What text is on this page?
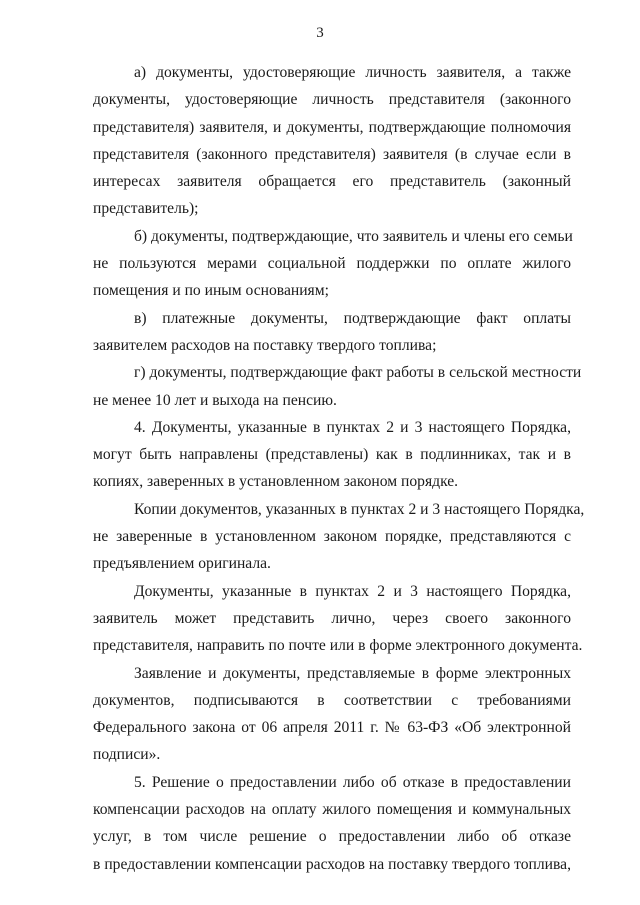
3

а) документы, удостоверяющие личность заявителя, а также
документы, удостоверяющие личность представителя (законного
представителя) заявителя, и документы, подтверждающие полномочия
представителя (законного представителя) заявителя (в случае если в
интересах заявителя обращается его представитель (законный
представитель);

б) документы, подтверждающие, что заявитель и члены его семьи
не пользуются мерами социальной поддержки по оплате жилого
помещения и по иным основаниям;

в) платежные документы, подтверждающие факт оплаты
заявителем расходов на поставку твердого топлива;

г) документы, подтверждающие факт работы в сельской местности
не менее 10 лет и выхода на пенсию.

4. Документы, указанные в пунктах 2 и 3 настоящего Порядка,
могут быть направлены (представлены) как в подлинниках, так и в
копиях, заверенных в установленном законом порядке.

Копии документов, указанных в пунктах 2 и 3 настоящего Порядка,
не заверенные в установленном законом порядке, представляются с
предъявлением оригинала.

Документы, указанные в пунктах 2 и 3 настоящего Порядка,
заявитель может представить лично, через своего законного
представителя, направить по почте или в форме электронного документа.

Заявление и документы, представляемые в форме электронных
документов, подписываются в соответствии с требованиями
Федерального закона от 06 апреля 2011 г. № 63-ФЗ «Об электронной
подписи».

5. Решение о предоставлении либо об отказе в предоставлении
компенсации расходов на оплату жилого помещения и коммунальных
услуг, в том числе решение о предоставлении либо об отказе
в предоставлении компенсации расходов на поставку твердого топлива,
